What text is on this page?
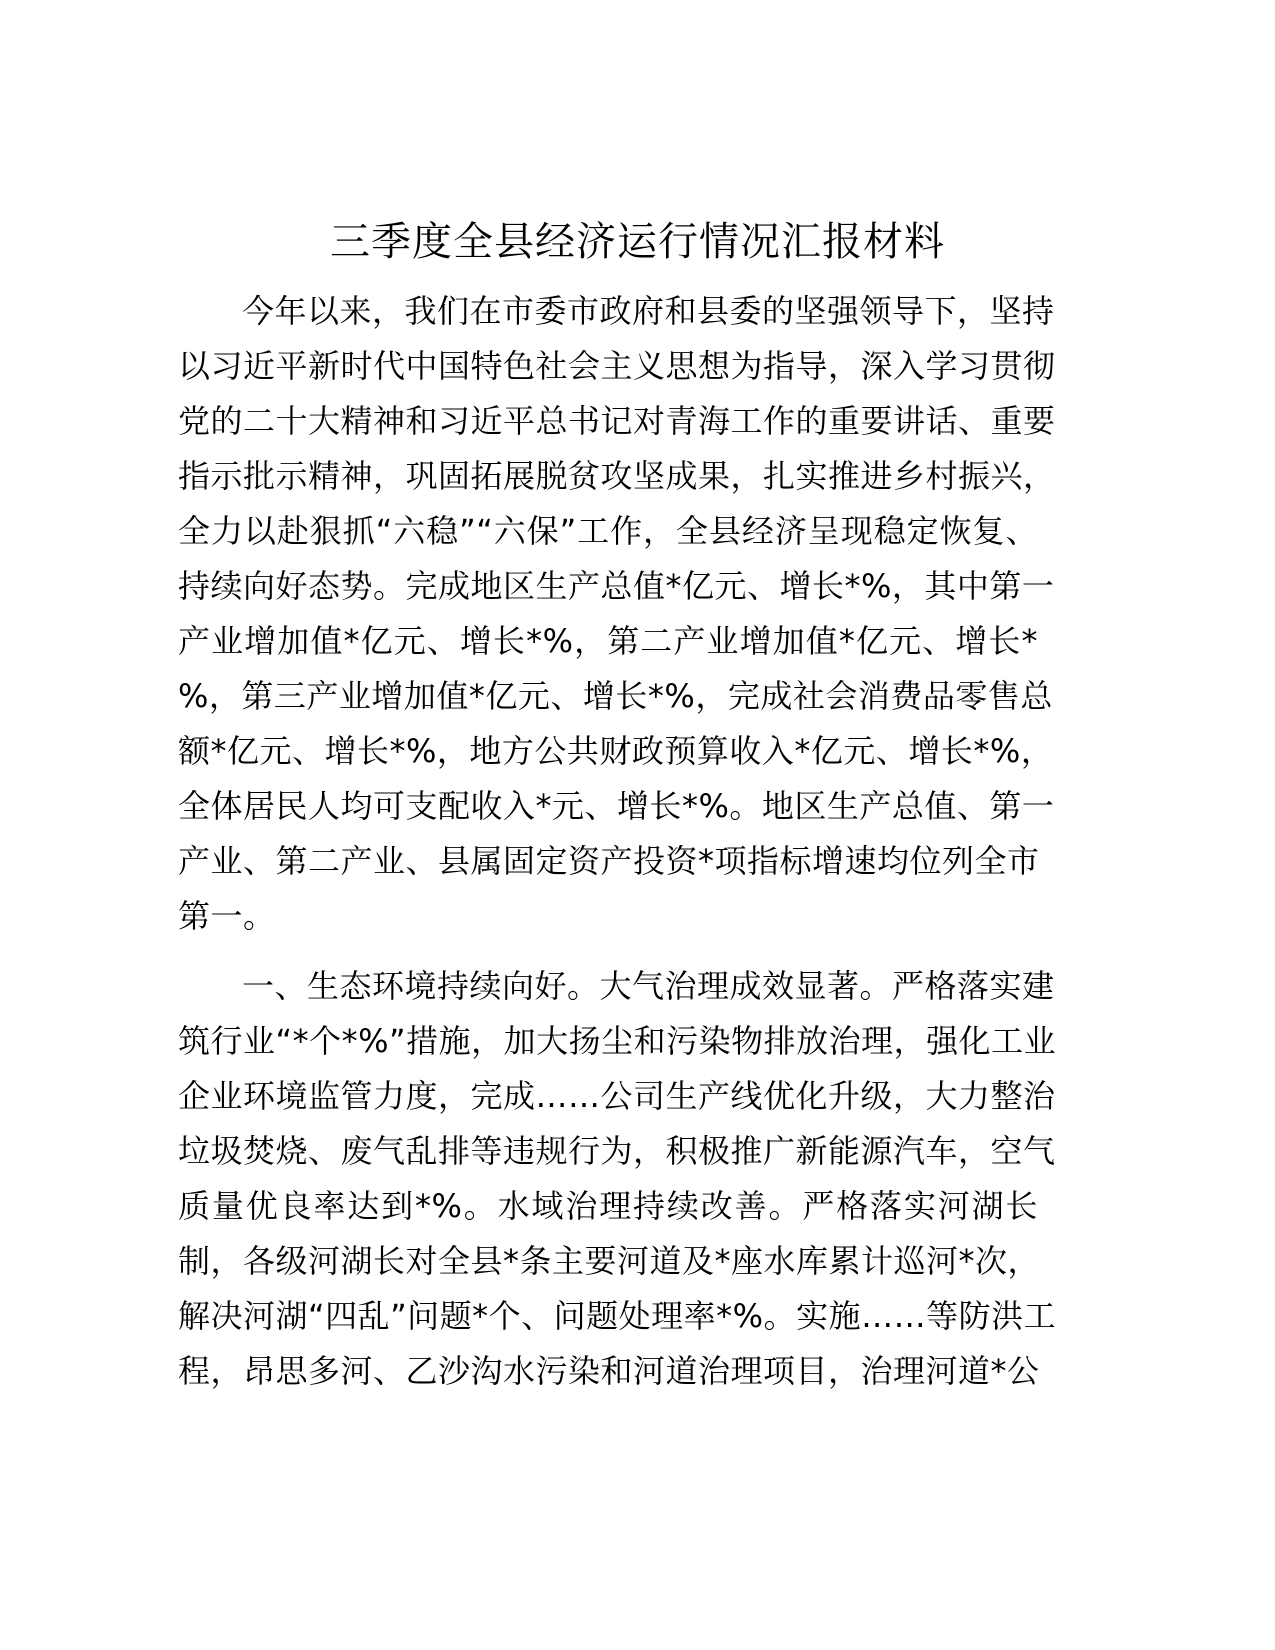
三季度全县经济运行情况汇报材料
今年以来，我们在市委市政府和县委的坚强领导下，坚持
以习近平新时代中国特色社会主义思想为指导，深入学习贯彻
党的二十大精神和习近平总书记对青海工作的重要讲话、重要
指示批示精神，巩固拓展脱贫攻坚成果，扎实推进乡村振兴，
全力以赴狠抓“六稳”“六保”工作，全县经济呈现稳定恢复、
持续向好态势。完成地区生产总值*亿元、增长*%，其中第一
产业增加值*亿元、增长*%，第二产业增加值*亿元、增长*
%，第三产业增加值*亿元、增长*%，完成社会消费品零售总
额*亿元、增长*%，地方公共财政预算收入*亿元、增长*%，
全体居民人均可支配收入*元、增长*%。地区生产总值、第一
产业、第二产业、县属固定资产投资*项指标增速均位列全市
第一。
一、生态环境持续向好。大气治理成效显著。严格落实建
筑行业“*个*%”措施，加大扬尘和污染物排放治理，强化工业
企业环境监管力度，完成……公司生产线优化升级，大力整治
垃圾焚烧、废气乱排等违规行为，积极推广新能源汽车，空气
质量优良率达到*%。水域治理持续改善。严格落实河湖长
制，各级河湖长对全县*条主要河道及*座水库累计巡河*次，
解决河湖“四乱”问题*个、问题处理率*%。实施……等防洪工
程，昂思多河、乙沙沟水污染和河道治理项目，治理河道*公
